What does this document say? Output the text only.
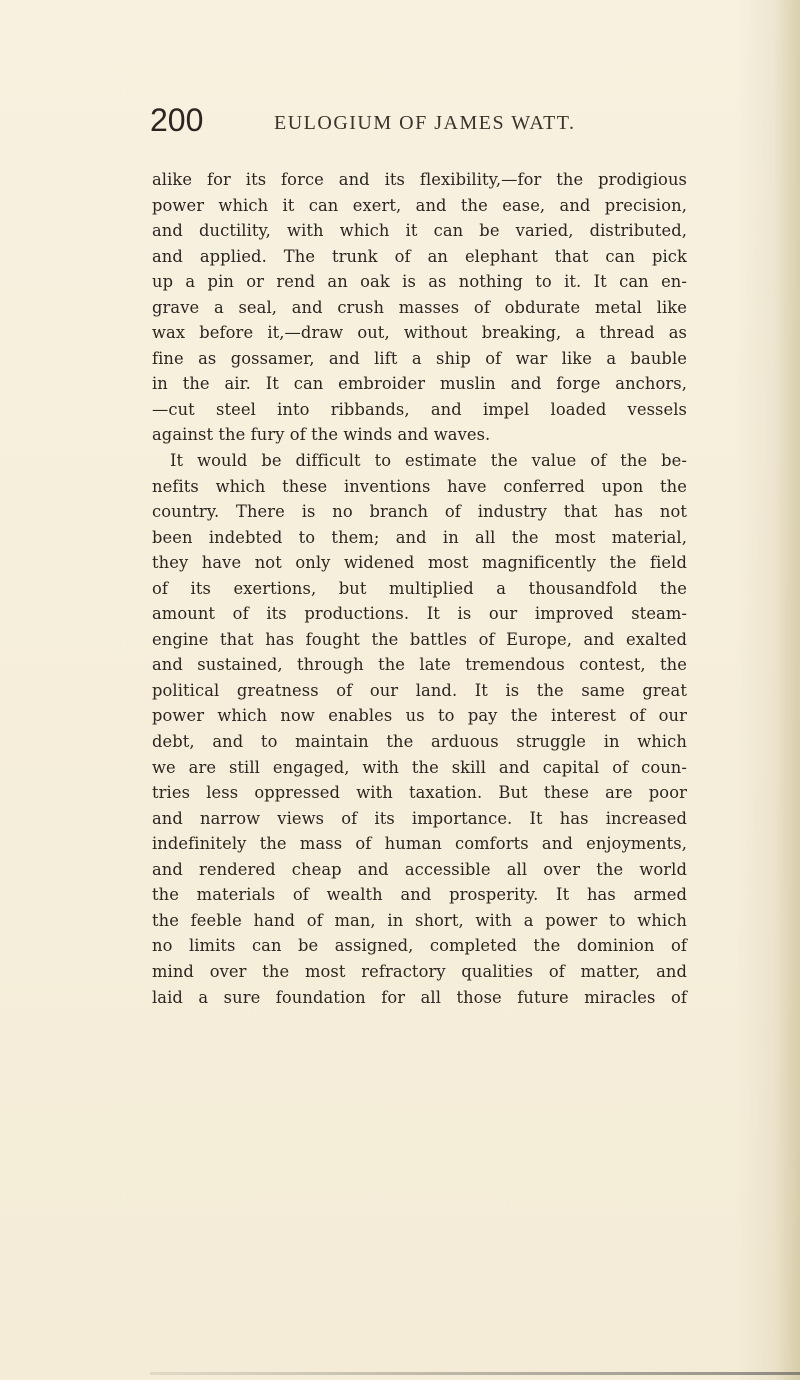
200	EULOGIUM OF JAMES WATT.
alike for its force and its flexibility,—for the prodigious
power which it can exert, and the ease, and precision,
and ductility, with which it can be varied, distributed,
and applied. The trunk of an elephant that can pick
up a pin or rend an oak is as nothing to it. It can en-
grave a seal, and crush masses of obdurate metal like
wax before it,—draw out, without breaking, a thread as
fine as gossamer, and lift a ship of war like a bauble
in the air. It can embroider muslin and forge anchors,
—cut steel into ribbands, and impel loaded vessels
against the fury of the winds and waves.
It would be difficult to estimate the value of the be-
nefits which these inventions have conferred upon the
country. There is no branch of industry that has not
been indebted to them; and in all the most material,
they have not only widened most magnificently the field
of its exertions, but multiplied a thousandfold the
amount of its productions. It is our improved steam-
engine that has fought the battles of Europe, and exalted
and sustained, through the late tremendous contest, the
political greatness of our land. It is the same great
power which now enables us to pay the interest of our
debt, and to maintain the arduous struggle in which
we are still engaged, with the skill and capital of coun-
tries less oppressed with taxation. But these are poor
and narrow views of its importance. It has increased
indefinitely the mass of human comforts and enjoyments,
and rendered cheap and accessible all over the world
the materials of wealth and prosperity. It has armed
the feeble hand of man, in short, with a power to which
no limits can be assigned, completed the dominion of
mind over the most refractory qualities of matter, and
laid a sure foundation for all those future miracles of
